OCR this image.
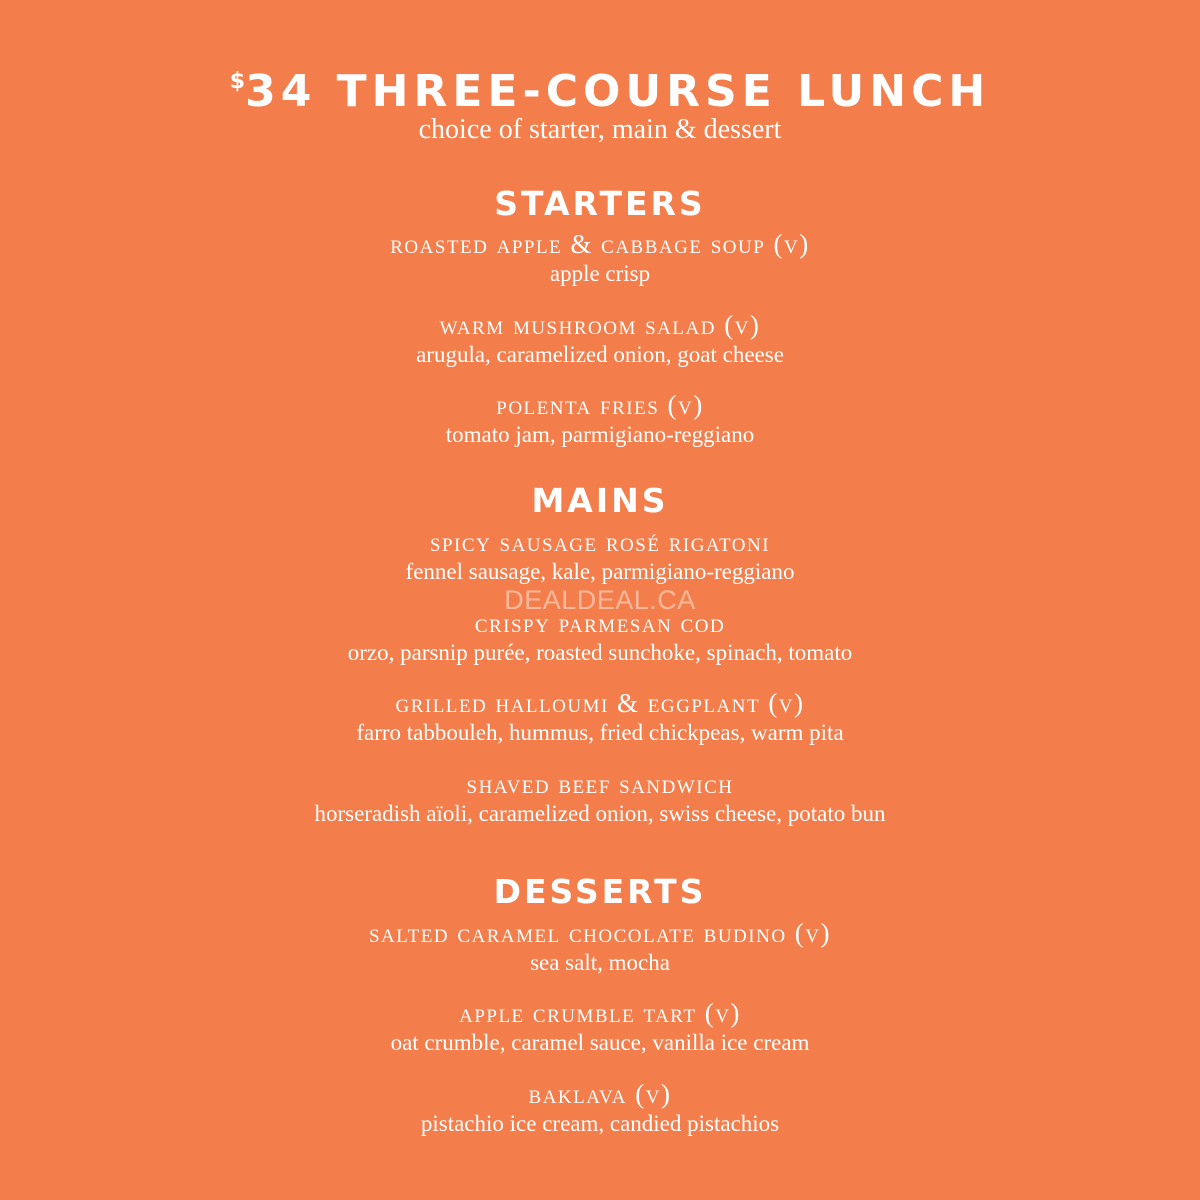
$34 THREE-COURSE LUNCH
choice of starter, main & dessert
STARTERS
roasted apple & cabbage soup (v)
apple crisp
warm mushroom salad (v)
arugula, caramelized onion, goat cheese
polenta fries (v)
tomato jam, parmigiano-reggiano
MAINS
spicy sausage rosé rigatoni
fennel sausage, kale, parmigiano-reggiano
crispy parmesan cod
orzo, parsnip purée, roasted sunchoke, spinach, tomato
grilled halloumi & eggplant (v)
farro tabbouleh, hummus, fried chickpeas, warm pita
shaved beef sandwich
horseradish aïoli, caramelized onion, swiss cheese, potato bun
DESSERTS
salted caramel chocolate budino (v)
sea salt, mocha
apple crumble tart (v)
oat crumble, caramel sauce, vanilla ice cream
baklava (v)
pistachio ice cream, candied pistachios
DEALDEAL.CA
